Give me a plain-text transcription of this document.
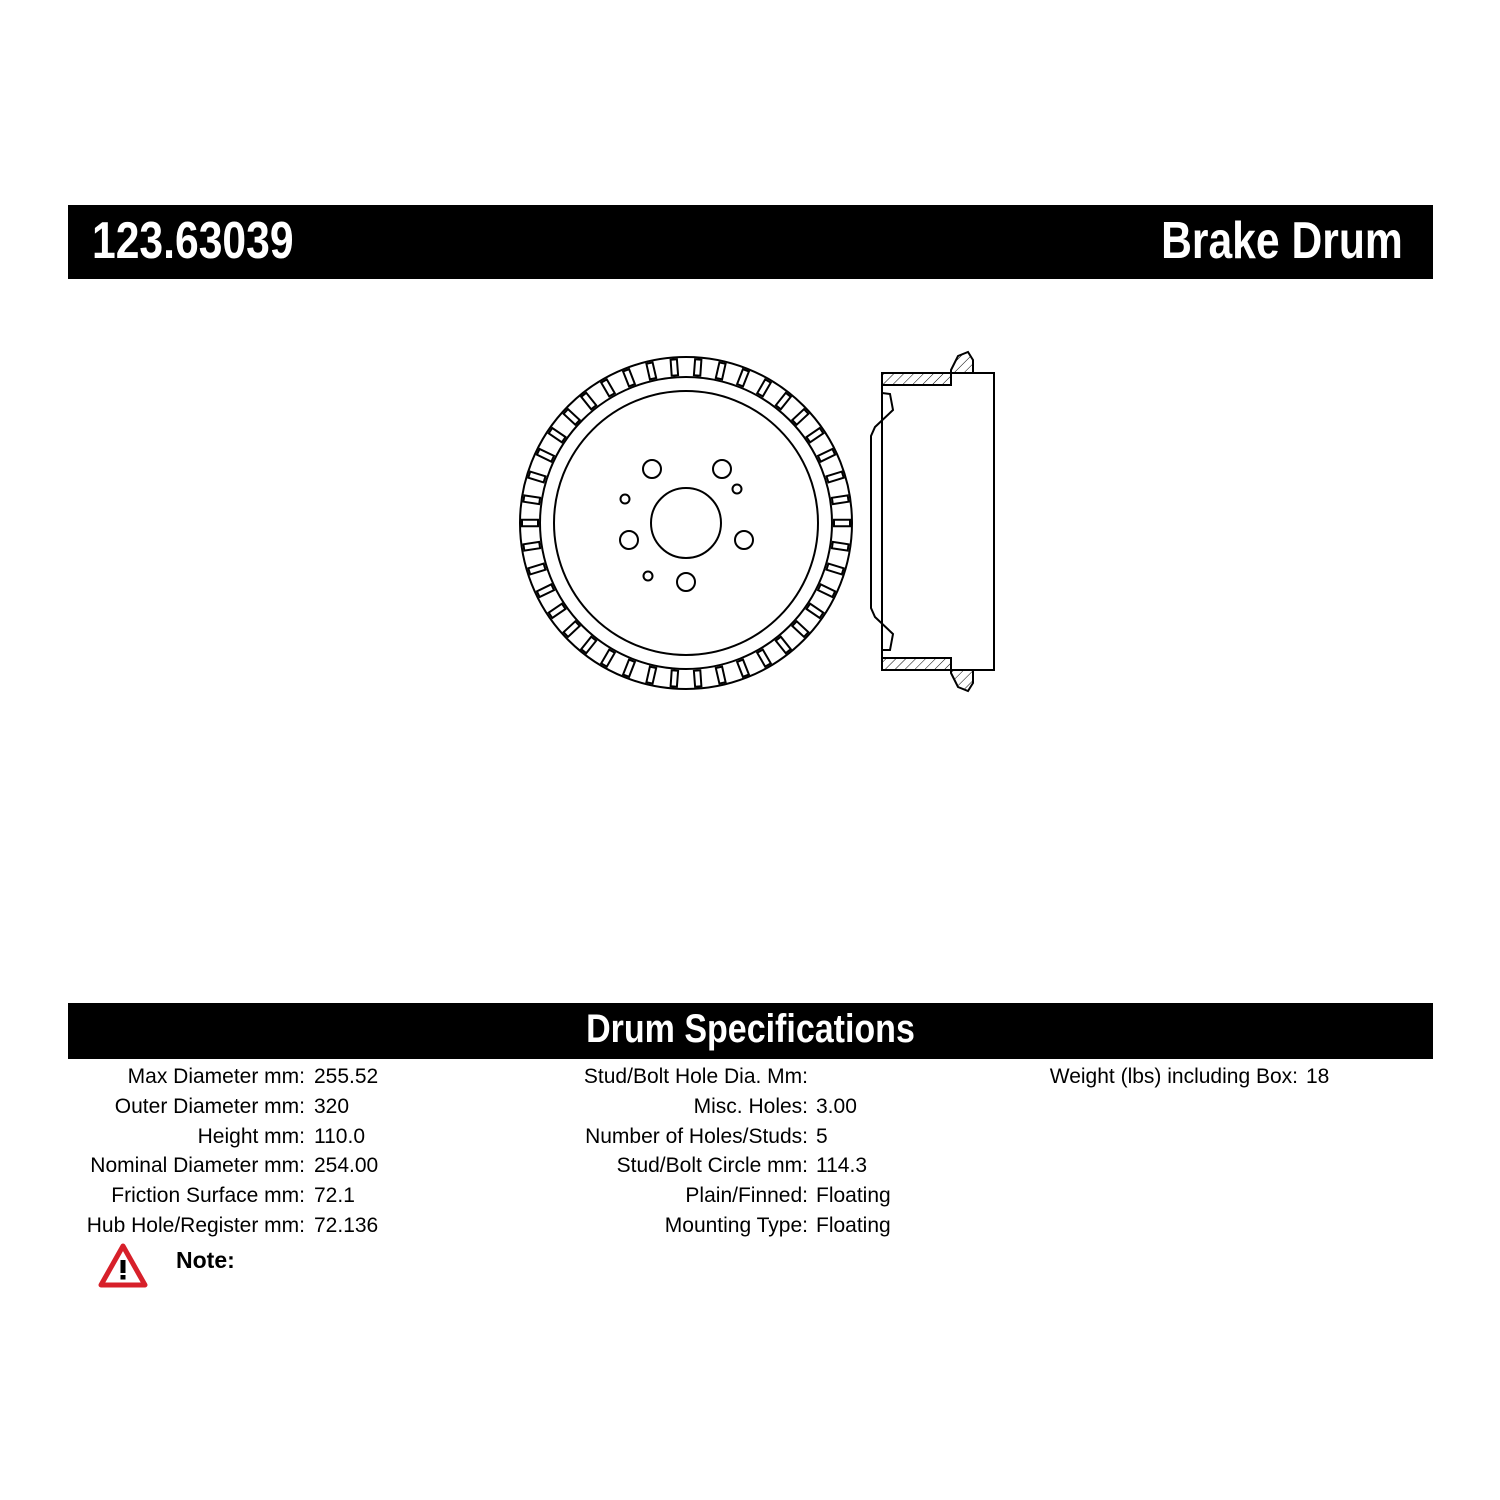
123.63039	Brake Drum
Drum Specifications
Max Diameter mm: 255.52
Outer Diameter mm: 320
Height mm: 110.0
Nominal Diameter mm: 254.00
Friction Surface mm: 72.1
Hub Hole/Register mm: 72.136
Stud/Bolt Hole Dia. Mm:
Misc. Holes: 3.00
Number of Holes/Studs: 5
Stud/Bolt Circle mm: 114.3
Plain/Finned: Floating
Mounting Type: Floating
Weight (lbs) including Box: 18
Note:
